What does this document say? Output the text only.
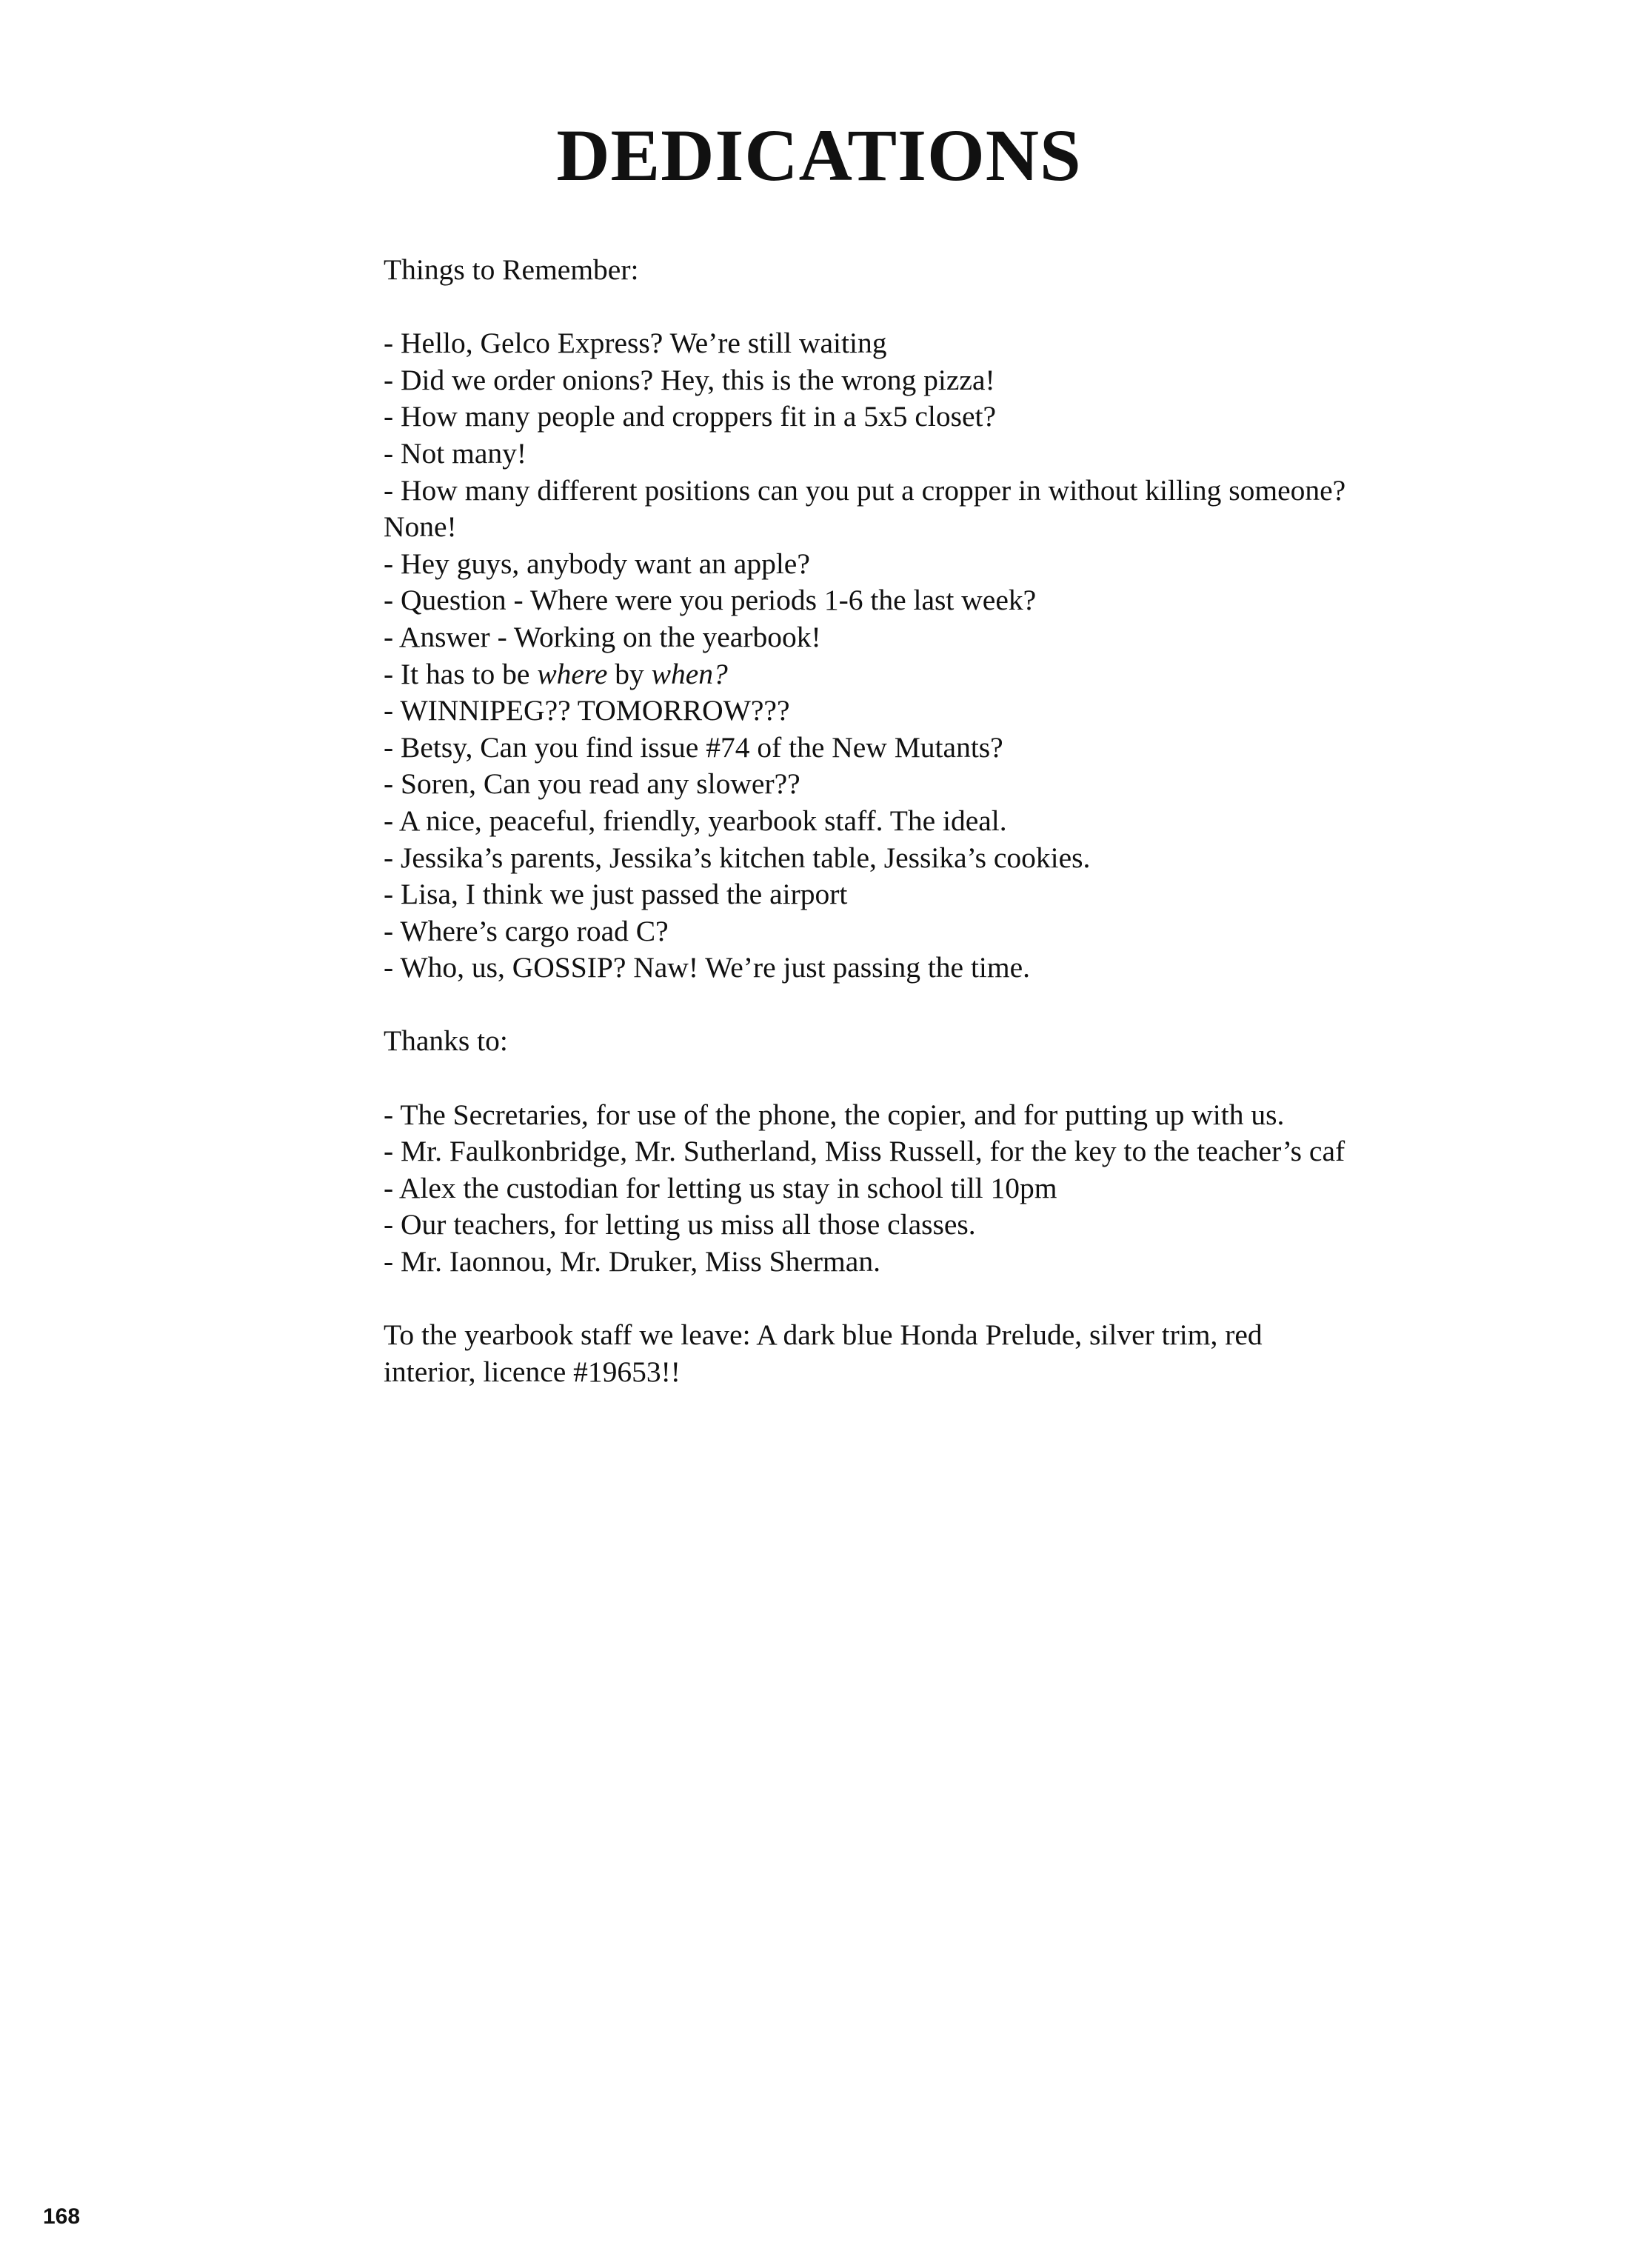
DEDICATIONS

Things to Remember:

- Hello, Gelco Express? We’re still waiting
- Did we order onions? Hey, this is the wrong pizza!
- How many people and croppers fit in a 5x5 closet?
- Not many!
- How many different positions can you put a cropper in without killing someone? None!
- Hey guys, anybody want an apple?
- Question - Where were you periods 1-6 the last week?
- Answer - Working on the yearbook!
- It has to be where by when?
- WINNIPEG?? TOMORROW???
- Betsy, Can you find issue #74 of the New Mutants?
- Soren, Can you read any slower??
- A nice, peaceful, friendly, yearbook staff. The ideal.
- Jessika’s parents, Jessika’s kitchen table, Jessika’s cookies.
- Lisa, I think we just passed the airport
- Where’s cargo road C?
- Who, us, GOSSIP? Naw! We’re just passing the time.

Thanks to:

- The Secretaries, for use of the phone, the copier, and for putting up with us.
- Mr. Faulkonbridge, Mr. Sutherland, Miss Russell, for the key to the teacher’s caf
- Alex the custodian for letting us stay in school till 10pm
- Our teachers, for letting us miss all those classes.
- Mr. Iaonnou, Mr. Druker, Miss Sherman.

To the yearbook staff we leave: A dark blue Honda Prelude, silver trim, red interior, licence #19653!!

168
